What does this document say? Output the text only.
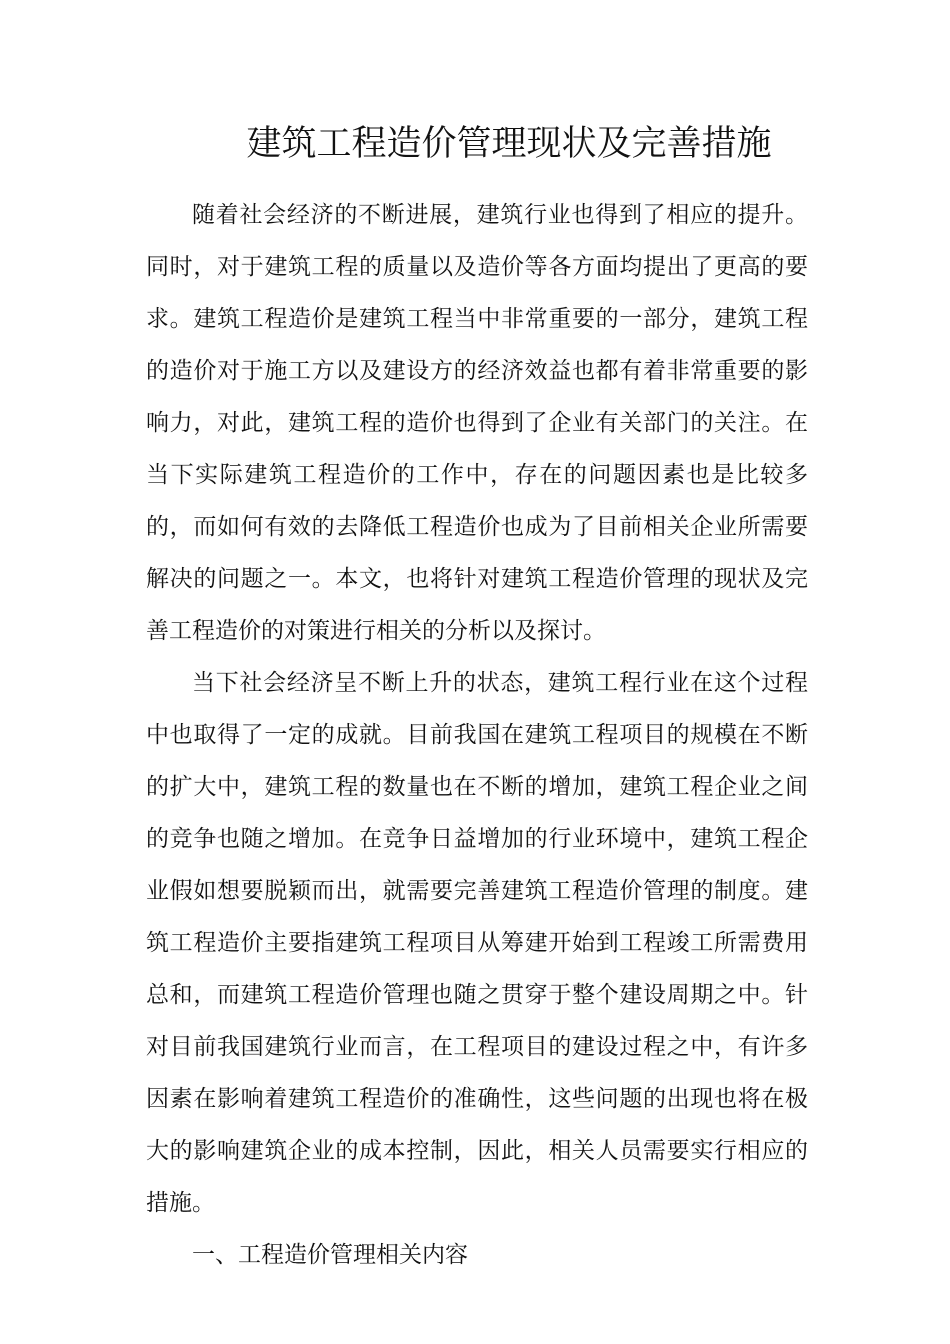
建筑工程造价管理现状及完善措施

随着社会经济的不断进展，建筑行业也得到了相应的提升。同时，对于建筑工程的质量以及造价等各方面均提出了更高的要求。建筑工程造价是建筑工程当中非常重要的一部分，建筑工程的造价对于施工方以及建设方的经济效益也都有着非常重要的影响力，对此，建筑工程的造价也得到了企业有关部门的关注。在当下实际建筑工程造价的工作中，存在的问题因素也是比较多的，而如何有效的去降低工程造价也成为了目前相关企业所需要解决的问题之一。本文，也将针对建筑工程造价管理的现状及完善工程造价的对策进行相关的分析以及探讨。

当下社会经济呈不断上升的状态，建筑工程行业在这个过程中也取得了一定的成就。目前我国在建筑工程项目的规模在不断的扩大中，建筑工程的数量也在不断的增加，建筑工程企业之间的竞争也随之增加。在竞争日益增加的行业环境中，建筑工程企业假如想要脱颖而出，就需要完善建筑工程造价管理的制度。建筑工程造价主要指建筑工程项目从筹建开始到工程竣工所需费用总和，而建筑工程造价管理也随之贯穿于整个建设周期之中。针对目前我国建筑行业而言，在工程项目的建设过程之中，有许多因素在影响着建筑工程造价的准确性，这些问题的出现也将在极大的影响建筑企业的成本控制，因此，相关人员需要实行相应的措施。

一、工程造价管理相关内容
